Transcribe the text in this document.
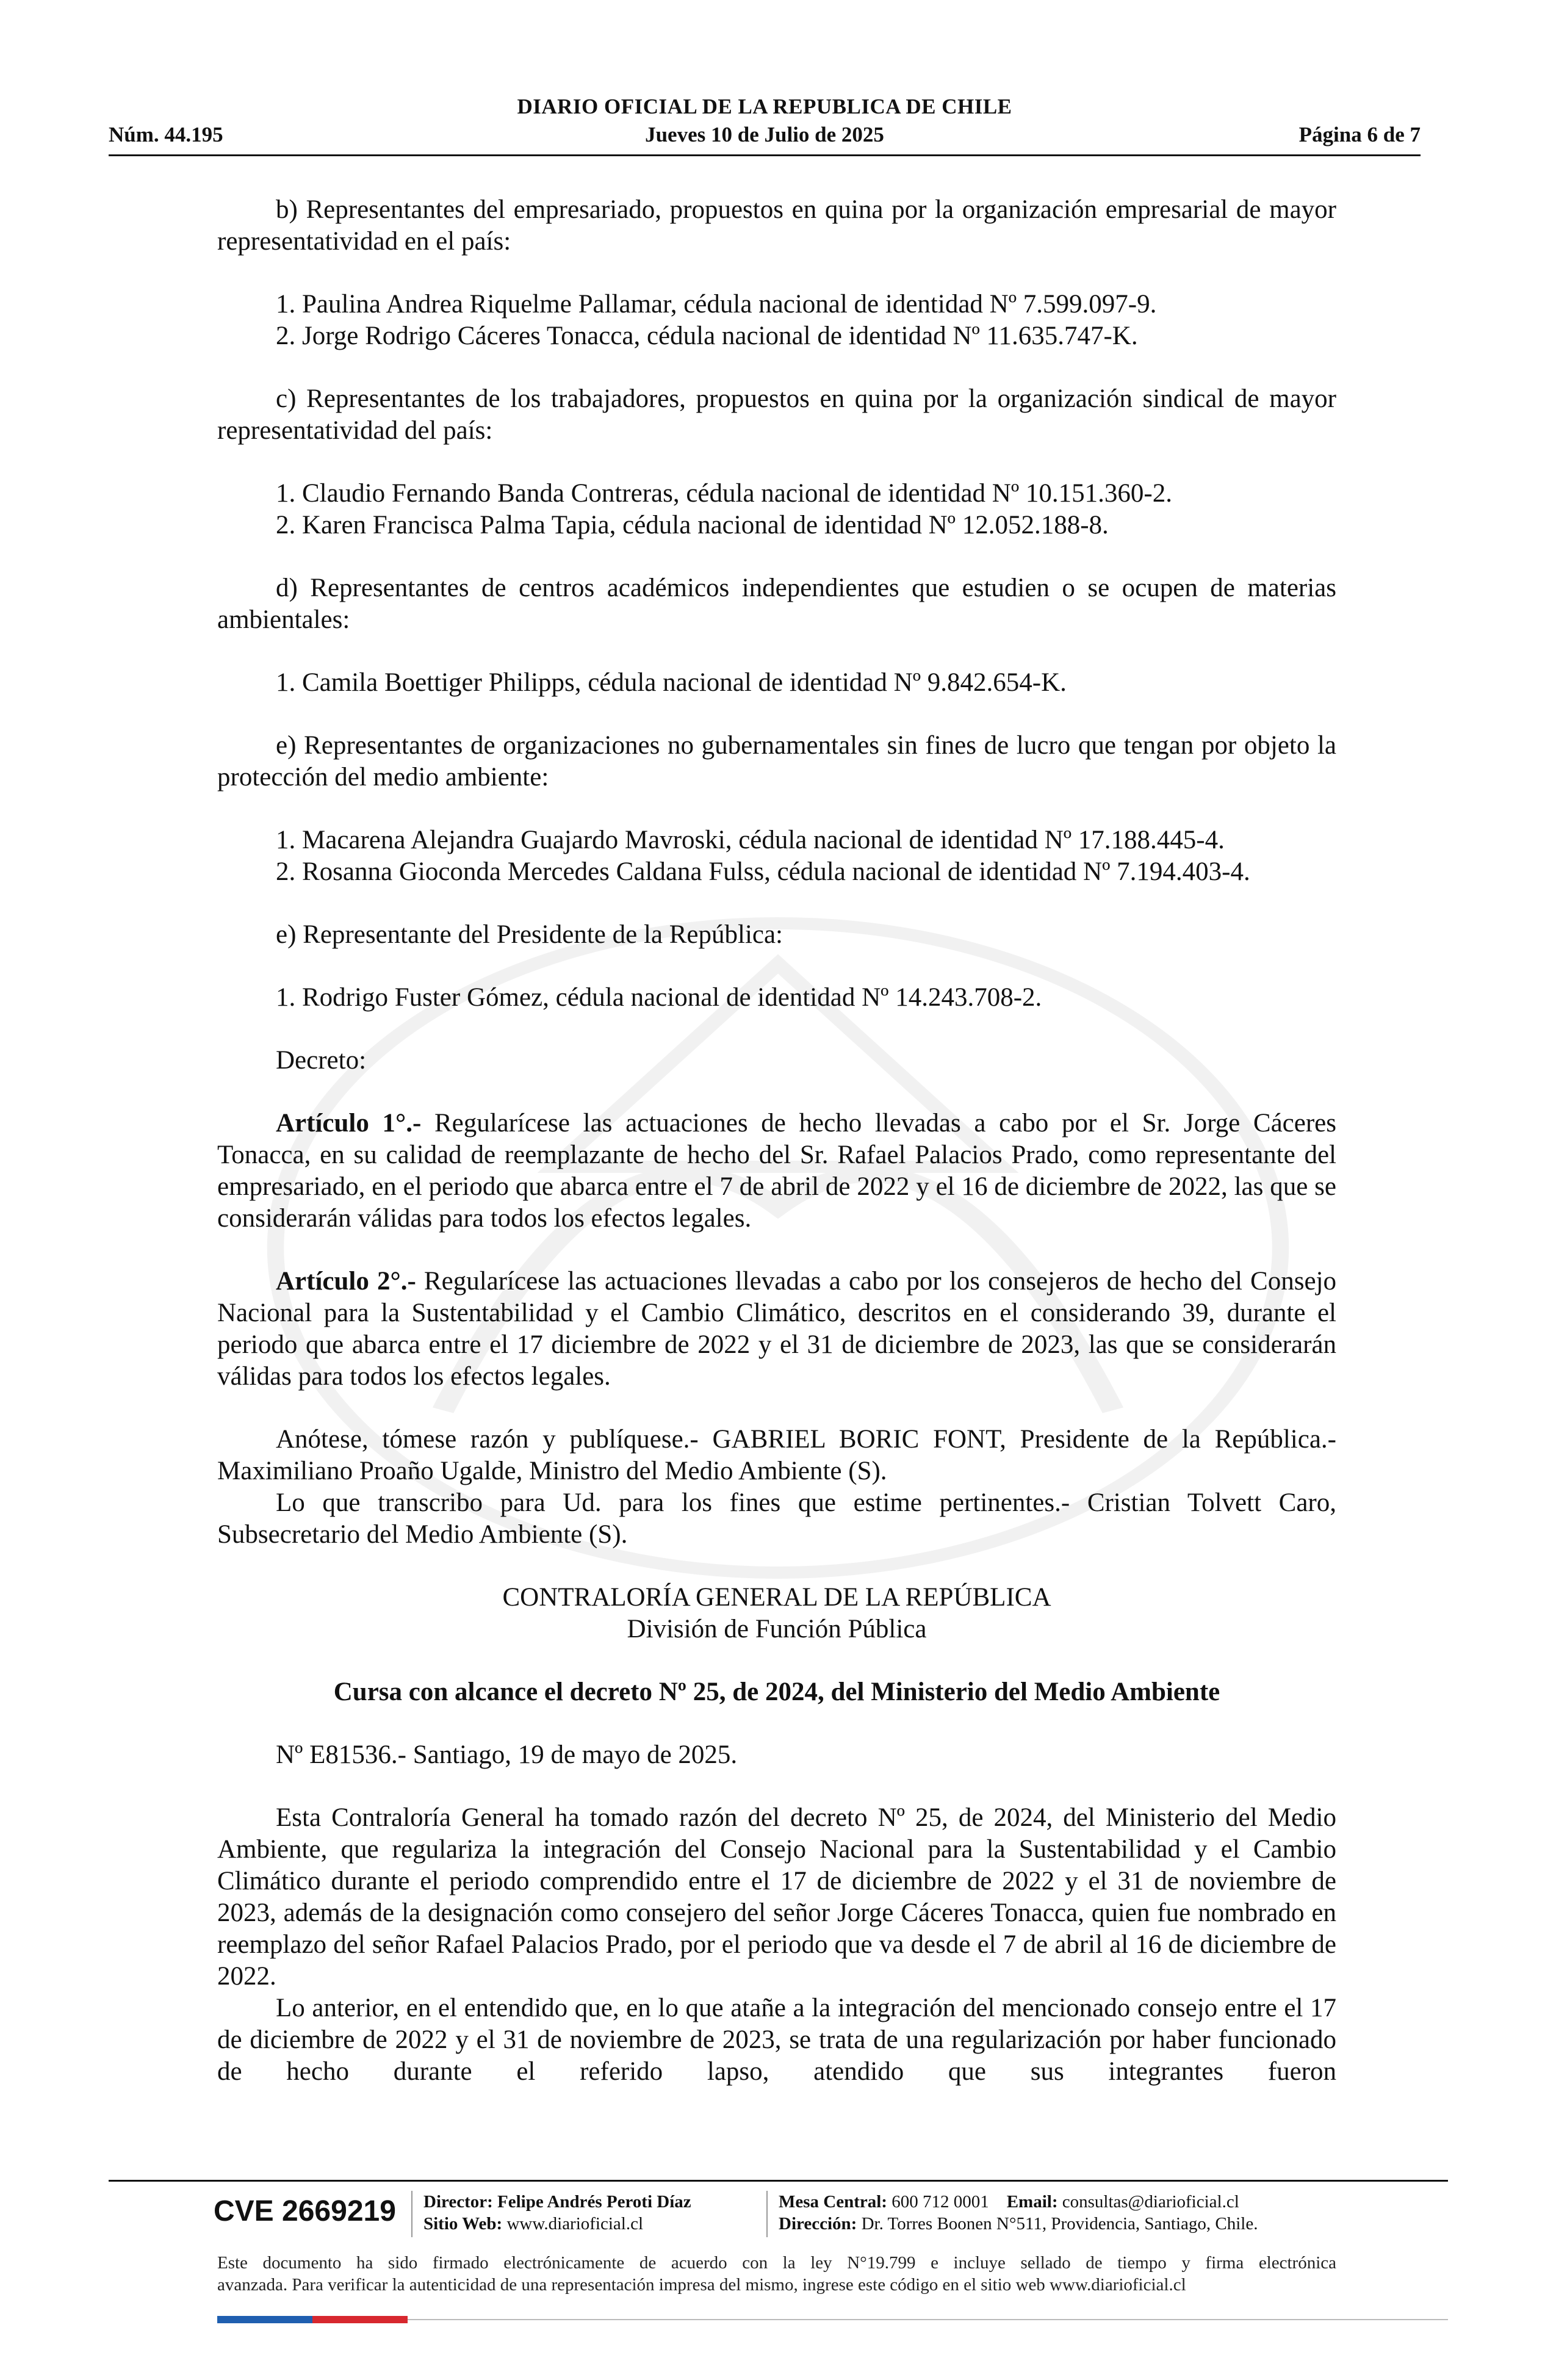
DIARIO OFICIAL DE LA REPUBLICA DE CHILE
Núm. 44.195	Jueves 10 de Julio de 2025	Página 6 de 7

b) Representantes del empresariado, propuestos en quina por la organización empresarial de mayor representatividad en el país:

1. Paulina Andrea Riquelme Pallamar, cédula nacional de identidad Nº 7.599.097-9.

2. Jorge Rodrigo Cáceres Tonacca, cédula nacional de identidad Nº 11.635.747-K.

c) Representantes de los trabajadores, propuestos en quina por la organización sindical de mayor representatividad del país:

1. Claudio Fernando Banda Contreras, cédula nacional de identidad Nº 10.151.360-2.

2. Karen Francisca Palma Tapia, cédula nacional de identidad Nº 12.052.188-8.

d) Representantes de centros académicos independientes que estudien o se ocupen de materias ambientales:

1. Camila Boettiger Philipps, cédula nacional de identidad Nº 9.842.654-K.

e) Representantes de organizaciones no gubernamentales sin fines de lucro que tengan por objeto la protección del medio ambiente:

1. Macarena Alejandra Guajardo Mavroski, cédula nacional de identidad Nº 17.188.445-4.

2. Rosanna Gioconda Mercedes Caldana Fulss, cédula nacional de identidad Nº 7.194.403-4.

e) Representante del Presidente de la República:

1. Rodrigo Fuster Gómez, cédula nacional de identidad Nº 14.243.708-2.

Decreto:

Artículo 1°.- Regularícese las actuaciones de hecho llevadas a cabo por el Sr. Jorge Cáceres Tonacca, en su calidad de reemplazante de hecho del Sr. Rafael Palacios Prado, como representante del empresariado, en el periodo que abarca entre el 7 de abril de 2022 y el 16 de diciembre de 2022, las que se considerarán válidas para todos los efectos legales.

Artículo 2°.- Regularícese las actuaciones llevadas a cabo por los consejeros de hecho del Consejo Nacional para la Sustentabilidad y el Cambio Climático, descritos en el considerando 39, durante el periodo que abarca entre el 17 diciembre de 2022 y el 31 de diciembre de 2023, las que se considerarán válidas para todos los efectos legales.

Anótese, tómese razón y publíquese.- GABRIEL BORIC FONT, Presidente de la República.- Maximiliano Proaño Ugalde, Ministro del Medio Ambiente (S).

Lo que transcribo para Ud. para los fines que estime pertinentes.- Cristian Tolvett Caro, Subsecretario del Medio Ambiente (S).

CONTRALORÍA GENERAL DE LA REPÚBLICA

División de Función Pública

Cursa con alcance el decreto Nº 25, de 2024, del Ministerio del Medio Ambiente

Nº E81536.- Santiago, 19 de mayo de 2025.

Esta Contraloría General ha tomado razón del decreto Nº 25, de 2024, del Ministerio del Medio Ambiente, que regulariza la integración del Consejo Nacional para la Sustentabilidad y el Cambio Climático durante el periodo comprendido entre el 17 de diciembre de 2022 y el 31 de noviembre de 2023, además de la designación como consejero del señor Jorge Cáceres Tonacca, quien fue nombrado en reemplazo del señor Rafael Palacios Prado, por el periodo que va desde el 7 de abril al 16 de diciembre de 2022.

Lo anterior, en el entendido que, en lo que atañe a la integración del mencionado consejo entre el 17 de diciembre de 2022 y el 31 de noviembre de 2023, se trata de una regularización por haber funcionado de hecho durante el referido lapso, atendido que sus integrantes fueron

CVE 2669219 Director: Felipe Andrés Peroti Díaz
Sitio Web: www.diarioficial.cl
Mesa Central: 600 712 0001 Email: consultas@diarioficial.cl
Dirección: Dr. Torres Boonen N°511, Providencia, Santiago, Chile.
Este documento ha sido firmado electrónicamente de acuerdo con la ley N°19.799 e incluye sellado de tiempo y firma electrónica
avanzada. Para verificar la autenticidad de una representación impresa del mismo, ingrese este código en el sitio web www.diarioficial.cl
